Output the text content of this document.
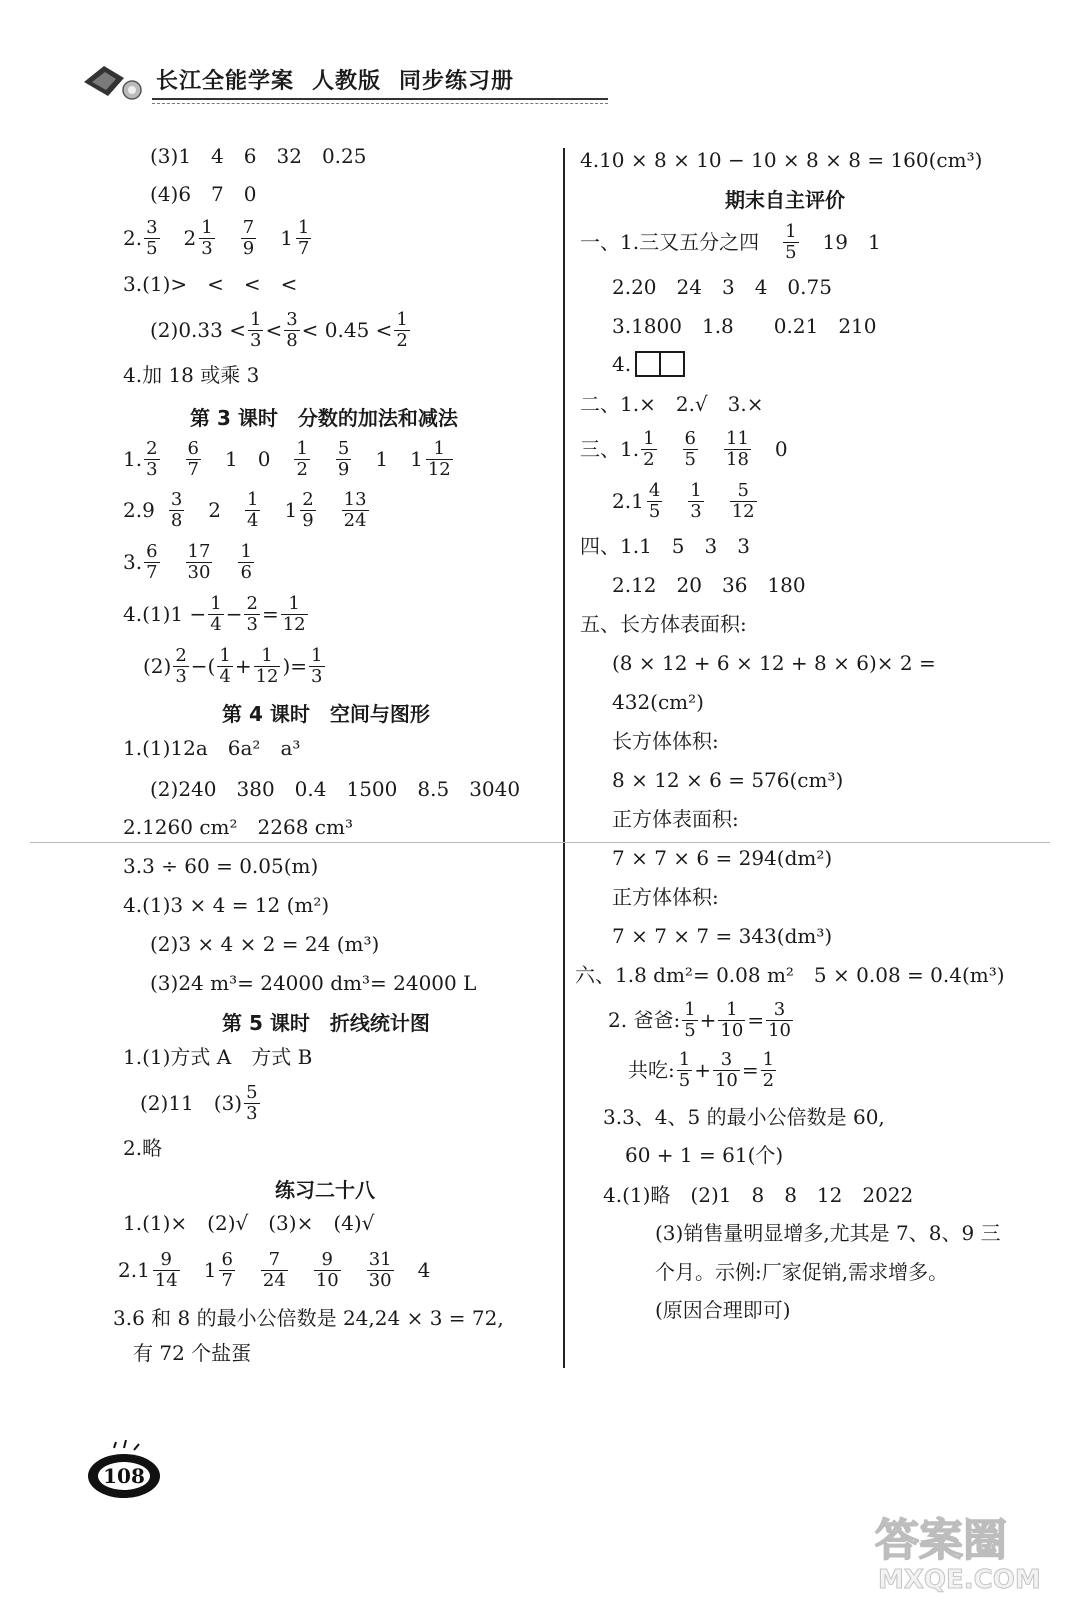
长江全能学案 人教版 同步练习册
(3)1　4　6　32　0.25
(4)6　7　0
2. 3
5 2 1
3
7
9 1 1
7
3.(1)>　<　<　<
(2)0.33 < 1
3 < 3
8 < 0.45 < 1
2
4.加 18 或乘 3
第 3 课时　分数的加法和减法
1. 2
3
6
7 1　0 1
2
5
9 1 1 1
12
2.9 3
8 2 1
4 1 2
9
13
24
3. 6
7
17
30
1
6
$4.(1)1 - \frac{1}{4} - \frac{2}{3} = \frac{1}{12}$
(2) 2
3 −( 1
$4 + \frac{1}{12}$ )= $\frac{1}{3}$
第 4 课时　空间与图形
1.(1)12a　6a²　a³
(2)240　380　0.4　1500　8.5　3040
2.1260 cm²　2268 cm³
3.3 ÷ 60 = 0.05(m)
4.(1)3 × 4 = 12 (m²)
(2)3 × 4 × 2 = 24 (m³)
(3)24 m³= 24000 dm³= 24000 L
第 5 课时　折线统计图
1.(1)方式 A　方式 B
(2)11　(3) 5
3
2.略
练习二十八
1.(1)×　(2)√　(3)×　(4)√
2. 1 9
14 1 6
7
7
24
9
10
31
30 4
3.6 和 8 的最小公倍数是 24,24 × 3 = 72,
有 72 个盐蛋
4.10 × 8 × 10 − 10 × 8 × 8 = 160(cm³)
期末自主评价
一、1.三又五分之四 1
5 19　1
2.20　24　3　4　0.75
3.1800　1.8　　0.21　210
4.
二、1.×　2.√　3.×
三、1. 1
2
6
5
11
18 0
2. 1 4
5
1
3
5
12
四、1.1　5　3　3
2.12　20　36　180
五、长方体表面积:
(8 × 12 + 6 × 12 + 8 × 6)× 2 =
432(cm²)
长方体体积:
8 × 12 × 6 = 576(cm³)
正方体表面积:
7 × 7 × 6 = 294(dm²)
正方体体积:
7 × 7 × 7 = 343(dm³)
六、1.8 dm²= 0.08 m²　5 × 0.08 = 0.4(m³)
2. 爸爸: 1
$5 + \frac{1}{10} = \frac{3}{10}$
共吃: 1
$5 + \frac{3}{10} = \frac{1}{2}$
3.3、4、5 的最小公倍数是 60,
60 + 1 = 61(个)
4.(1)略　(2)1　8　8　12　2022
(3)销售量明显增多,尤其是 7、8、9 三
个月。示例:厂家促销,需求增多。
(原因合理即可)
108
答案圈
MXQE.COM
